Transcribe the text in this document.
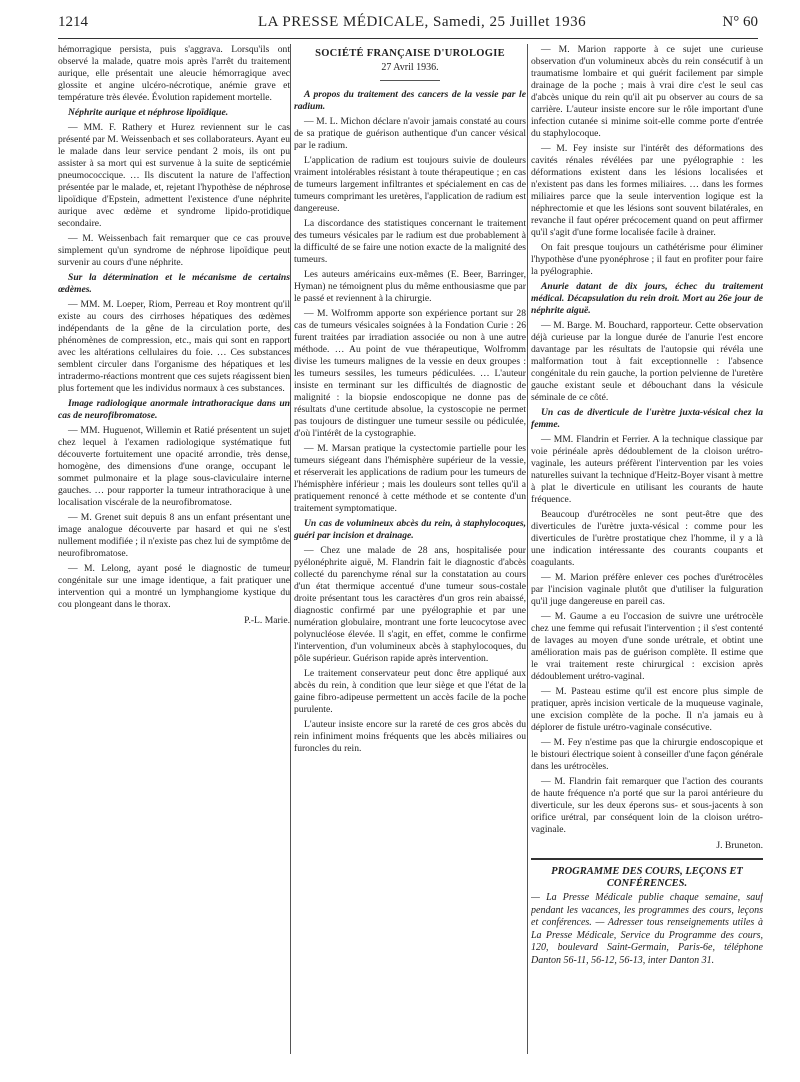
1214	LA PRESSE MÉDICALE, Samedi, 25 Juillet 1936	N° 60

hémorragique persista, puis s'aggrava. Lorsqu'ils ont observé la malade, quatre mois après l'arrêt du traitement aurique, elle présentait une aleucie hémorragique avec glossite et angine ulcéro-nécrotique, anémie grave et température très élevée. Évolution rapidement mortelle.

Néphrite aurique et néphrose lipoïdique.

— MM. F. Rathery et Hurez reviennent sur le cas présenté par M. Weissenbach et ses collaborateurs. Ayant eu le malade dans leur service pendant 2 mois, ils ont pu assister à sa mort qui est survenue à la suite de septicémie pneumococcique. … Ils discutent la nature de l'affection présentée par le malade, et, rejetant l'hypothèse de néphrose lipoïdique d'Epstein, admettent l'existence d'une néphrite aurique avec œdème et syndrome lipido-protidique secondaire.

— M. Weissenbach fait remarquer que ce cas prouve simplement qu'un syndrome de néphrose lipoïdique peut survenir au cours d'une néphrite.

Sur la détermination et le mécanisme de certains œdèmes.

— MM. M. Loeper, Riom, Perreau et Roy montrent qu'il existe au cours des cirrhoses hépatiques des œdèmes indépendants de la gêne de la circulation porte, des phénomènes de compression, etc., mais qui sont en rapport avec les altérations cellulaires du foie. … Ces substances semblent circuler dans l'organisme des hépatiques et les intradermo-réactions montrent que ces sujets réagissent bien plus fortement que les individus normaux à ces substances.

Image radiologique anormale intrathoracique dans un cas de neurofibromatose.

— MM. Huguenot, Willemin et Ratié présentent un sujet chez lequel à l'examen radiologique systématique fut découverte fortuitement une opacité arrondie, très dense, homogène, des dimensions d'une orange, occupant le sommet pulmonaire et la plage sous-claviculaire interne gauches. … pour rapporter la tumeur intrathoracique à une localisation viscérale de la neurofibromatose.

— M. Grenet suit depuis 8 ans un enfant présentant une image analogue découverte par hasard et qui ne s'est nullement modifiée ; il n'existe pas chez lui de symptôme de neurofibromatose.

— M. Lelong, ayant posé le diagnostic de tumeur congénitale sur une image identique, a fait pratiquer une intervention qui a montré un lymphangiome kystique du cou plongeant dans le thorax.

P.-L. Marie.
SOCIÉTÉ FRANÇAISE D'UROLOGIE
27 Avril 1936.

A propos du traitement des cancers de la vessie par le radium.

— M. L. Michon déclare n'avoir jamais constaté au cours de sa pratique de guérison authentique d'un cancer vésical par le radium.

L'application de radium est toujours suivie de douleurs vraiment intolérables résistant à toute thérapeutique ; en cas de tumeurs largement infiltrantes et spécialement en cas de tumeurs comprimant les uretères, l'application de radium est dangereuse.

La discordance des statistiques concernant le traitement des tumeurs vésicales par le radium est due probablement à la difficulté de se faire une notion exacte de la malignité des tumeurs.

Les auteurs américains eux-mêmes (E. Beer, Barringer, Hyman) ne témoignent plus du même enthousiasme que par le passé et reviennent à la chirurgie.

— M. Wolfromm apporte son expérience portant sur 28 cas de tumeurs vésicales soignées à la Fondation Curie : 26 furent traitées par irradiation associée ou non à une autre méthode. … Au point de vue thérapeutique, Wolfromm divise les tumeurs malignes de la vessie en deux groupes : les tumeurs sessiles, les tumeurs pédiculées. … L'auteur insiste en terminant sur les difficultés de diagnostic de malignité : la biopsie endoscopique ne donne pas de résultats d'une certitude absolue, la cystoscopie ne permet pas toujours de distinguer une tumeur sessile ou pédiculée, d'où l'intérêt de la cystographie.

— M. Marsan pratique la cystectomie partielle pour les tumeurs siégeant dans l'hémisphère supérieur de la vessie, et réserverait les applications de radium pour les tumeurs de l'hémisphère inférieur ; mais les douleurs sont telles qu'il a pratiquement renoncé à cette méthode et se contente d'un traitement symptomatique.

Un cas de volumineux abcès du rein, à staphylocoques, guéri par incision et drainage.

— Chez une malade de 28 ans, hospitalisée pour pyélonéphrite aiguë, M. Flandrin fait le diagnostic d'abcès collecté du parenchyme rénal sur la constatation au cours d'un état thermique accentué d'une tumeur sous-costale droite présentant tous les caractères d'un gros rein abaissé, diagnostic confirmé par une pyélographie et par une numération globulaire, montrant une forte leucocytose avec polynucléose élevée. Il s'agit, en effet, comme le confirme l'intervention, d'un volumineux abcès à staphylocoques, du pôle supérieur. Guérison rapide après intervention.

Le traitement conservateur peut donc être appliqué aux abcès du rein, à condition que leur siège et que l'état de la gaine fibro-adipeuse permettent un accès facile de la poche purulente.

L'auteur insiste encore sur la rareté de ces gros abcès du rein infiniment moins fréquents que les abcès miliaires ou furoncles du rein.

— M. Marion rapporte à ce sujet une curieuse observation d'un volumineux abcès du rein consécutif à un traumatisme lombaire et qui guérit facilement par simple drainage de la poche ; mais à vrai dire c'est le seul cas d'abcès unique du rein qu'il ait pu observer au cours de sa carrière. L'auteur insiste encore sur le rôle important d'une infection cutanée si minime soit-elle comme porte d'entrée du staphylocoque.

— M. Fey insiste sur l'intérêt des déformations des cavités rénales révélées par une pyélographie : les déformations existent dans les lésions localisées et n'existent pas dans les formes miliaires. … dans les formes miliaires parce que la seule intervention logique est la néphrectomie et que les lésions sont souvent bilatérales, en revanche il faut opérer précocement quand on peut affirmer qu'il s'agit d'une forme localisée facile à drainer.

On fait presque toujours un cathétérisme pour éliminer l'hypothèse d'une pyonéphrose ; il faut en profiter pour faire la pyélographie.

Anurie datant de dix jours, échec du traitement médical. Décapsulation du rein droit. Mort au 26e jour de néphrite aiguë.

— M. Barge. M. Bouchard, rapporteur. Cette observation déjà curieuse par la longue durée de l'anurie l'est encore davantage par les résultats de l'autopsie qui révéla une malformation tout à fait exceptionnelle : l'absence congénitale du rein gauche, la portion pelvienne de l'uretère gauche existant seule et débouchant dans la vésicule séminale de ce côté.

Un cas de diverticule de l'urètre juxta-vésical chez la femme.

— MM. Flandrin et Ferrier. A la technique classique par voie périnéale après dédoublement de la cloison urétro-vaginale, les auteurs préfèrent l'intervention par les voies naturelles suivant la technique d'Heitz-Boyer visant à mettre à plat le diverticule en utilisant les courants de haute fréquence.

Beaucoup d'urétrocèles ne sont peut-être que des diverticules de l'urètre juxta-vésical : comme pour les diverticules de l'urètre prostatique chez l'homme, il y a là une indication intéressante des courants coupants et coagulants.

— M. Marion préfère enlever ces poches d'urétrocèles par l'incision vaginale plutôt que d'utiliser la fulguration qu'il juge dangereuse en pareil cas.

— M. Gaume a eu l'occasion de suivre une urétrocèle chez une femme qui refusait l'intervention ; il s'est contenté de lavages au moyen d'une sonde urétrale, et obtint une amélioration mais pas de guérison complète. Il estime que le vrai traitement reste chirurgical : excision après dédoublement urétro-vaginal.

— M. Pasteau estime qu'il est encore plus simple de pratiquer, après incision verticale de la muqueuse vaginale, une excision complète de la poche. Il n'a jamais eu à déplorer de fistule urétro-vaginale consécutive.

— M. Fey n'estime pas que la chirurgie endoscopique et le bistouri électrique soient à conseiller d'une façon générale dans les urétrocèles.

— M. Flandrin fait remarquer que l'action des courants de haute fréquence n'a porté que sur la paroi antérieure du diverticule, sur les deux éperons sus- et sous-jacents à son orifice urétral, par conséquent loin de la cloison urétro-vaginale.

J. Bruneton.
PROGRAMME DES COURS, LEÇONS ET CONFÉRENCES.

— La Presse Médicale publie chaque semaine, sauf pendant les vacances, les programmes des cours, leçons et conférences. — Adresser tous renseignements utiles à La Presse Médicale, Service du Programme des cours, 120, boulevard Saint-Germain, Paris-6e, téléphone Danton 56-11, 56-12, 56-13, inter Danton 31.
